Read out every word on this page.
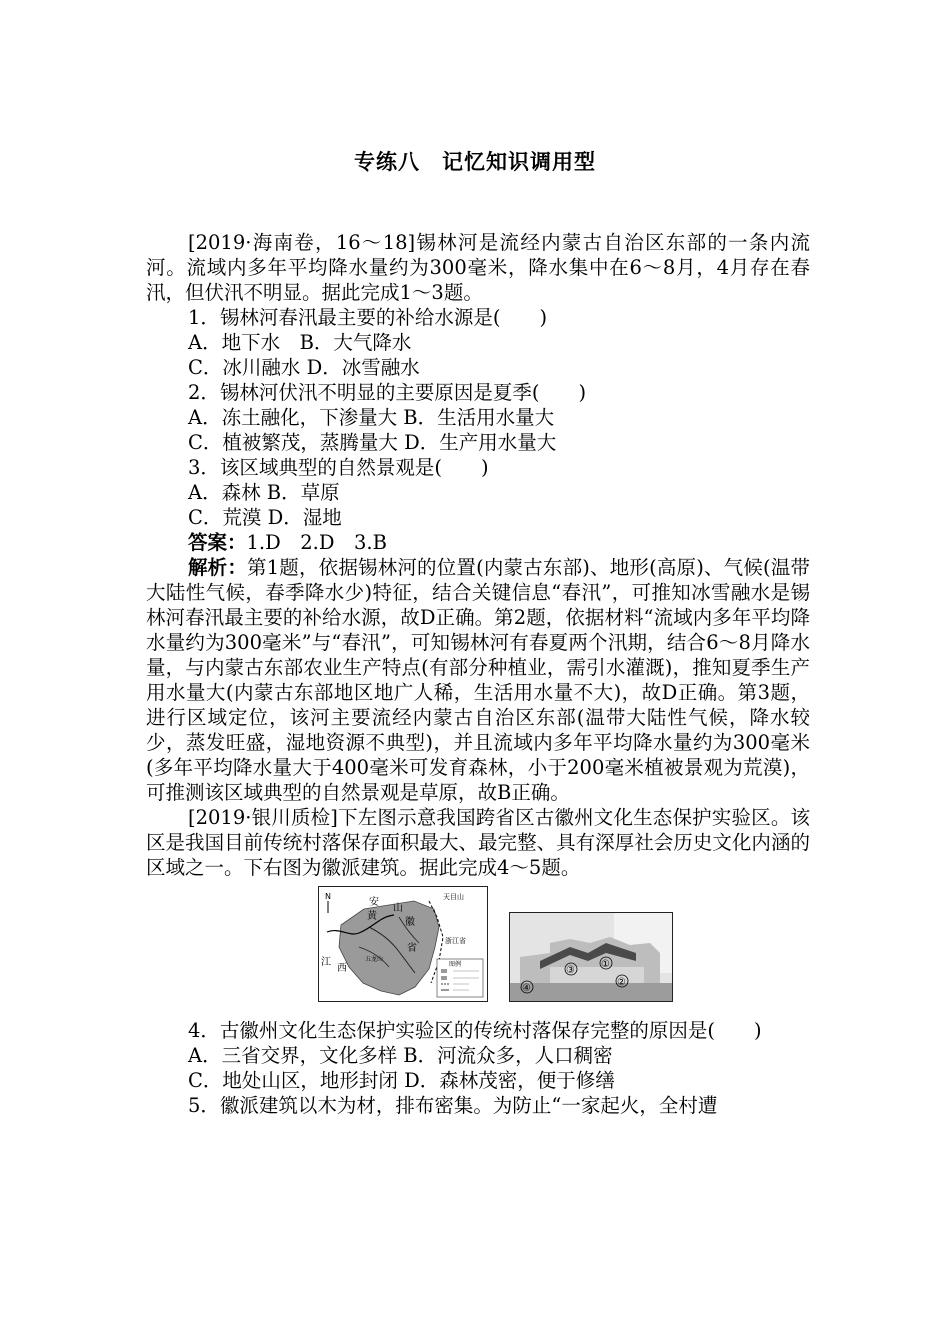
专练八　记忆知识调用型

[2019·海南卷，16～18]锡林河是流经内蒙古自治区东部的一条内流河。流域内多年平均降水量约为300毫米，降水集中在6～8月，4月存在春汛，但伏汛不明显。据此完成1～3题。

1．锡林河春汛最主要的补给水源是(　　)

A．地下水　B．大气降水

C．冰川融水 D．冰雪融水

2．锡林河伏汛不明显的主要原因是夏季(　　)

A．冻土融化，下渗量大 B．生活用水量大

C．植被繁茂，蒸腾量大 D．生产用水量大

3．该区域典型的自然景观是(　　)

A．森林 B．草原

C．荒漠 D．湿地

答案：1.D　2.D　3.B

解析：第1题，依据锡林河的位置(内蒙古东部)、地形(高原)、气候(温带大陆性气候，春季降水少)特征，结合关键信息“春汛”，可推知冰雪融水是锡林河春汛最主要的补给水源，故D正确。第2题，依据材料“流域内多年平均降水量约为300毫米”与“春汛”，可知锡林河有春夏两个汛期，结合6～8月降水量，与内蒙古东部农业生产特点(有部分种植业，需引水灌溉)，推知夏季生产用水量大(内蒙古东部地区地广人稀，生活用水量不大)，故D正确。第3题，进行区域定位，该河主要流经内蒙古自治区东部(温带大陆性气候，降水较少，蒸发旺盛，湿地资源不典型)，并且流域内多年平均降水量约为300毫米(多年平均降水量大于400毫米可发育森林，小于200毫米植被景观为荒漠)，可推测该区域典型的自然景观是草原，故B正确。

[2019·银川质检]下左图示意我国跨省区古徽州文化生态保护实验区。该区是我国目前传统村落保存面积最大、最完整、具有深厚社会历史文化内涵的区域之一。下右图为徽派建筑。据此完成4～5题。

N
安
徽
黄
山
天目山
浙江省
省
江
西	图例
五龙山
④
③
①
②

4．古徽州文化生态保护实验区的传统村落保存完整的原因是(　　)

A．三省交界，文化多样 B．河流众多，人口稠密

C．地处山区，地形封闭 D．森林茂密，便于修缮

5．徽派建筑以木为材，排布密集。为防止“一家起火，全村遭
